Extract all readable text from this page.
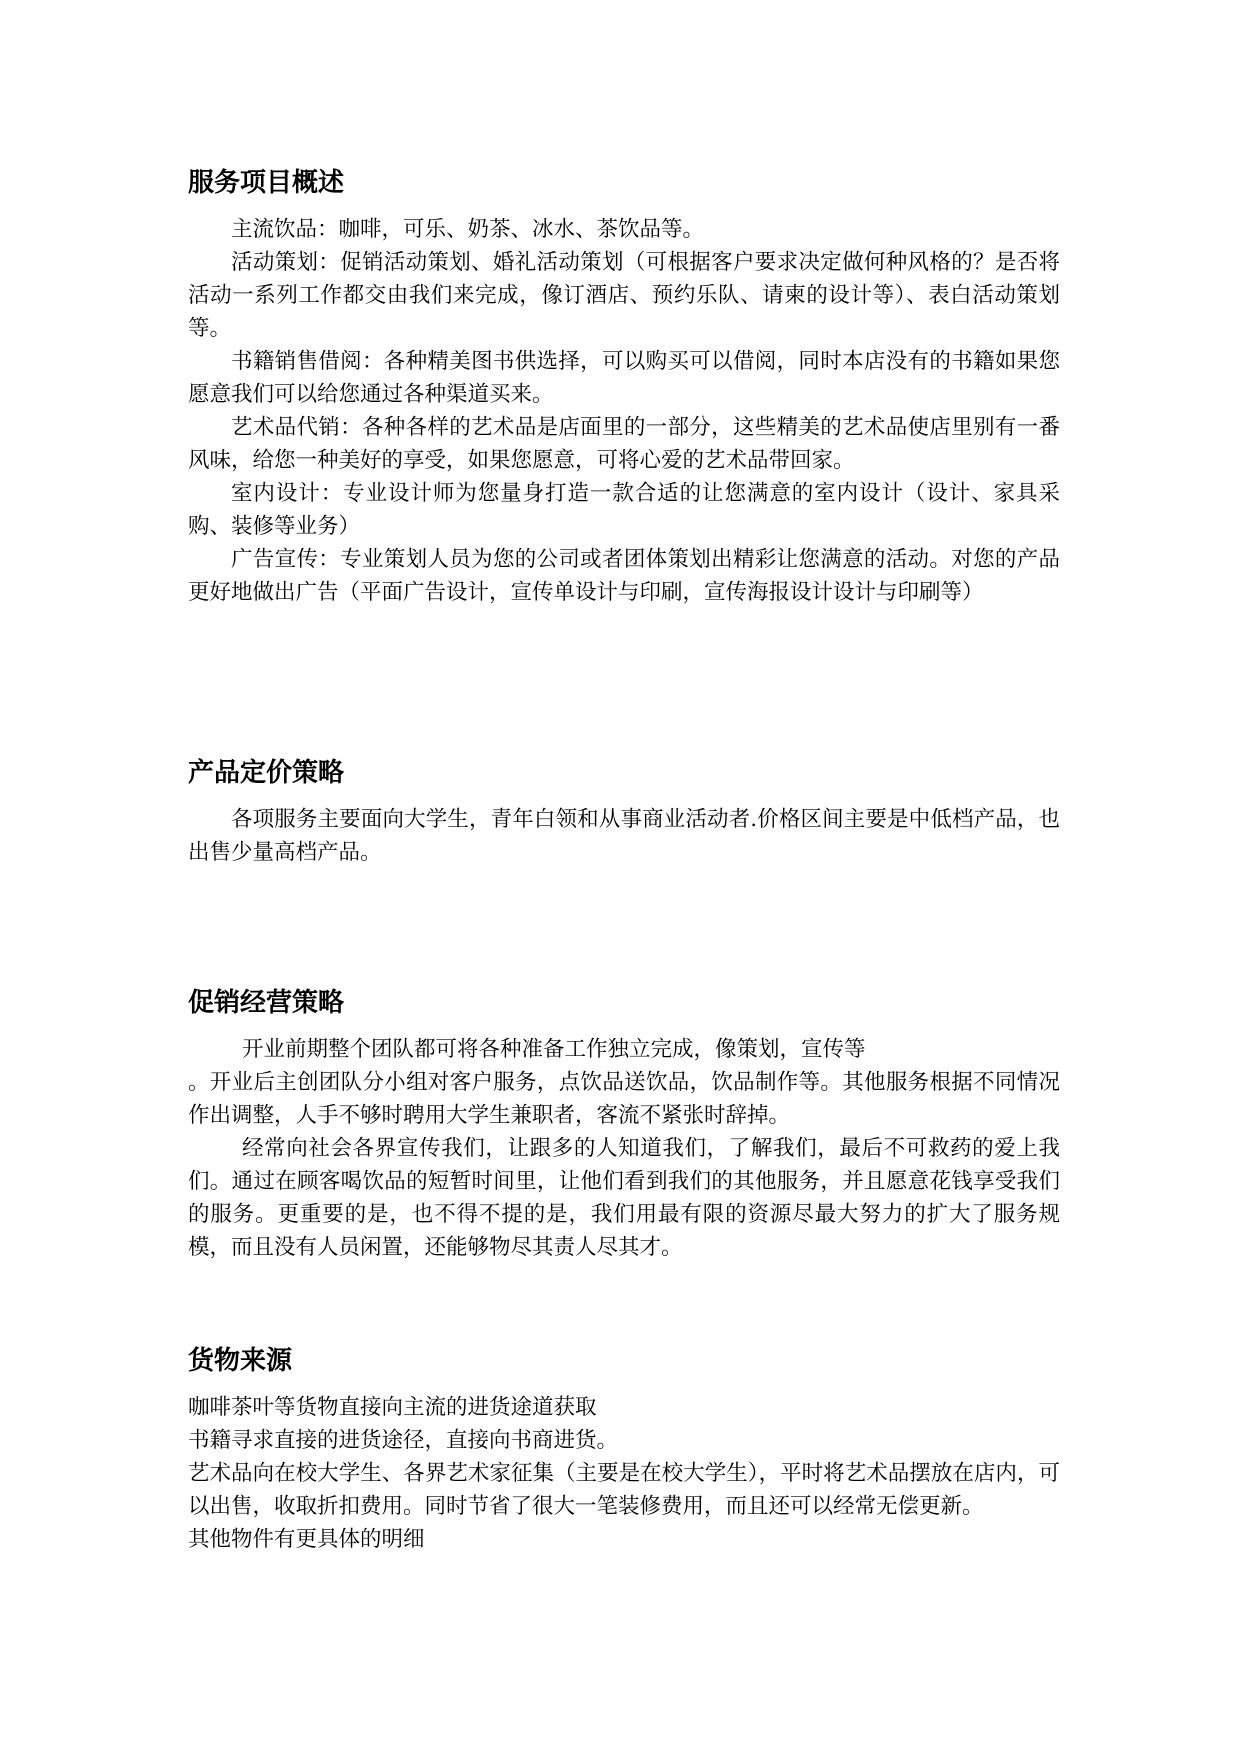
服务项目概述

主流饮品：咖啡，可乐、奶茶、冰水、茶饮品等。

活动策划：促销活动策划、婚礼活动策划（可根据客户要求决定做何种风格的？是否将活动一系列工作都交由我们来完成，像订酒店、预约乐队、请柬的设计等）、表白活动策划等。

书籍销售借阅：各种精美图书供选择，可以购买可以借阅，同时本店没有的书籍如果您愿意我们可以给您通过各种渠道买来。

艺术品代销：各种各样的艺术品是店面里的一部分，这些精美的艺术品使店里别有一番风味，给您一种美好的享受，如果您愿意，可将心爱的艺术品带回家。

室内设计：专业设计师为您量身打造一款合适的让您满意的室内设计（设计、家具采购、装修等业务）

广告宣传：专业策划人员为您的公司或者团体策划出精彩让您满意的活动。对您的产品更好地做出广告（平面广告设计，宣传单设计与印刷，宣传海报设计设计与印刷等）

产品定价策略

各项服务主要面向大学生，青年白领和从事商业活动者.价格区间主要是中低档产品，也出售少量高档产品。

促销经营策略

开业前期整个团队都可将各种准备工作独立完成，像策划，宣传等

。开业后主创团队分小组对客户服务，点饮品送饮品，饮品制作等。其他服务根据不同情况作出调整，人手不够时聘用大学生兼职者，客流不紧张时辞掉。

经常向社会各界宣传我们，让跟多的人知道我们，了解我们，最后不可救药的爱上我们。通过在顾客喝饮品的短暂时间里，让他们看到我们的其他服务，并且愿意花钱享受我们的服务。更重要的是，也不得不提的是，我们用最有限的资源尽最大努力的扩大了服务规模，而且没有人员闲置，还能够物尽其责人尽其才。

货物来源

咖啡茶叶等货物直接向主流的进货途道获取

书籍寻求直接的进货途径，直接向书商进货。

艺术品向在校大学生、各界艺术家征集（主要是在校大学生），平时将艺术品摆放在店内，可以出售，收取折扣费用。同时节省了很大一笔装修费用，而且还可以经常无偿更新。

其他物件有更具体的明细
